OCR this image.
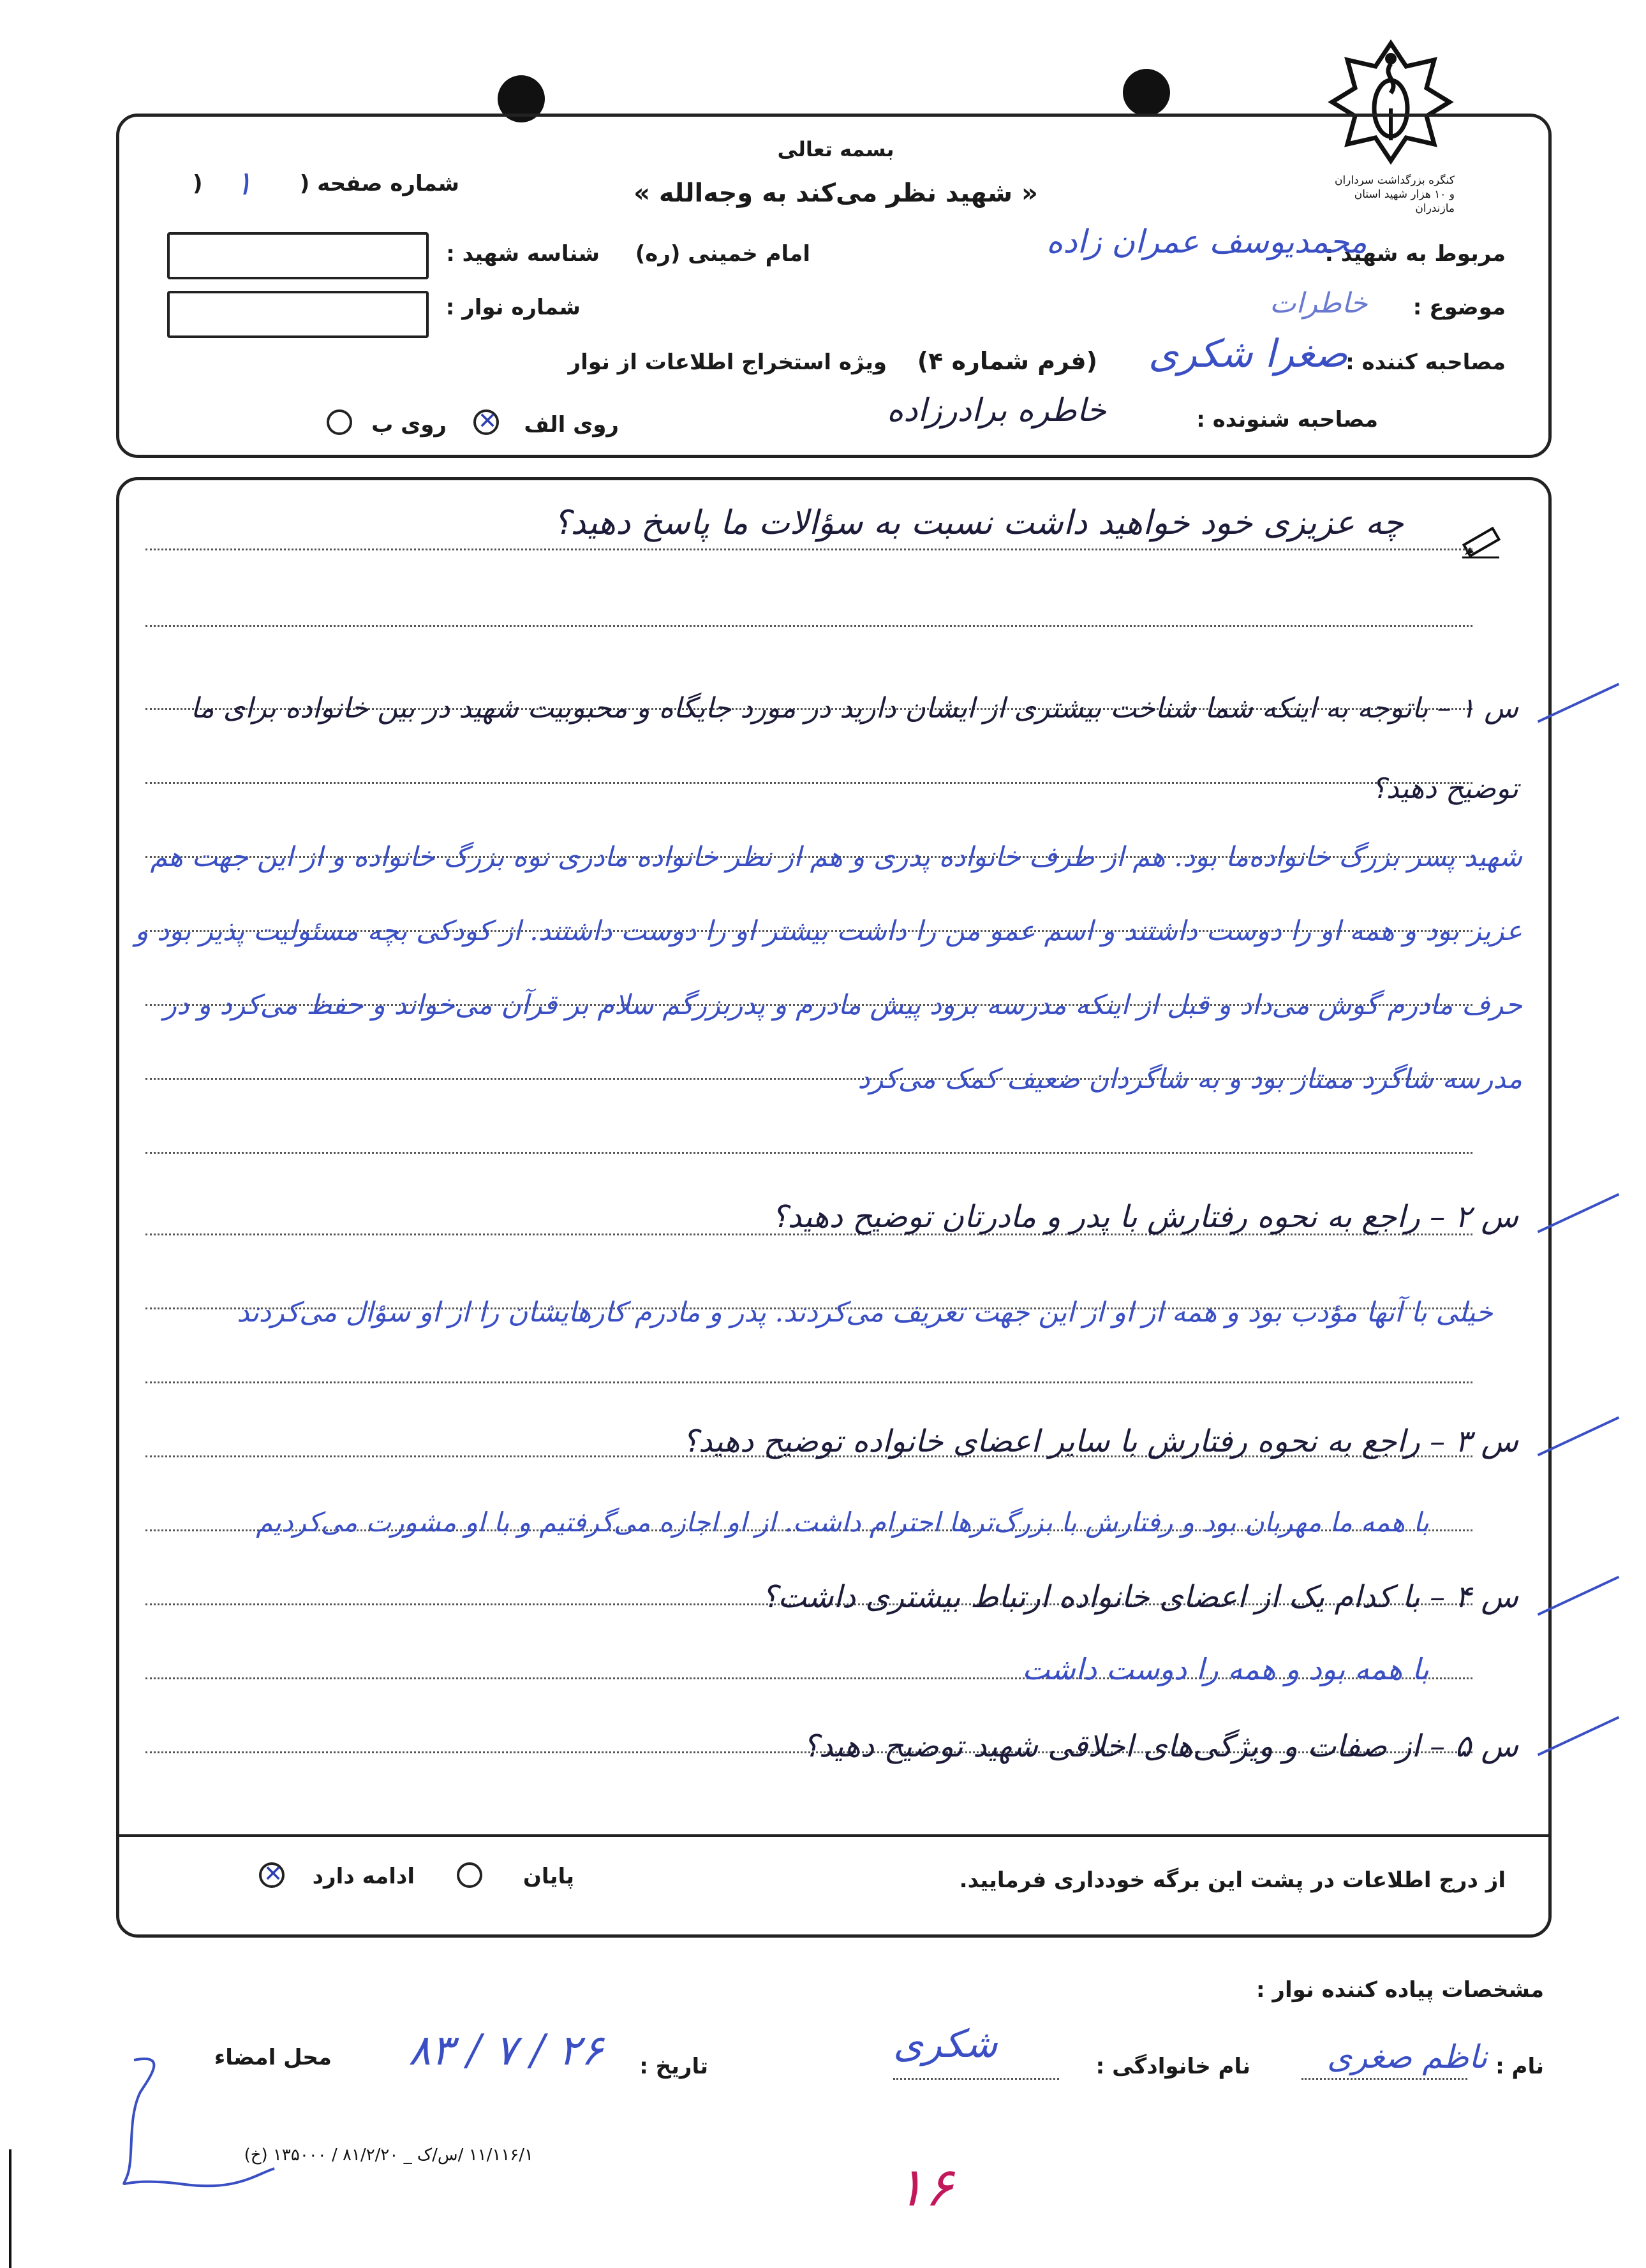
کنگره بزرگداشت سرداران و ۱۰ هزار شهید استان مازندران
بسمه تعالی
« شهید نظر می‌کند به وجه‌الله »
شماره صفحه (
۱
)
مربوط به شهید :
محمدیوسف عمران زاده
امام خمینی (ره)
شناسه شهید :
شماره نوار :	موضوع :
خاطرات
مصاحبه کننده :
صغرا شکری
(فرم شماره ۴)
ویژه استخراج اطلاعات از نوار
مصاحبه شنونده :
خاطره برادرزاده
روی الف
✕
روی ب
چه عزیزی خود خواهید داشت نسبت به سؤالات ما پاسخ دهید؟
س ۱ – باتوجه به اینکه شما شناخت بیشتری از ایشان دارید در مورد جایگاه و محبوبیت شهید در بین خانواده برای ما توضیح دهید؟
شهید پسر بزرگ خانواده‌ما بود. هم از طرف خانواده پدری و هم از نظر خانواده مادری نوه بزرگ خانواده و از این جهت هم عزیز بود و همه او را دوست داشتند و اسم عمو من را داشت بیشتر او را دوست داشتند. از کودکی بچه مسئولیت پذیر بود و حرف مادرم گوش می‌داد و قبل از اینکه مدرسه برود پیش مادرم و پدربزرگم سلام بر قرآن می‌خواند و حفظ می‌کرد و در مدرسه شاگرد ممتاز بود و به شاگردان ضعیف کمک می‌کرد
س ۲ – راجع به نحوه رفتارش با پدر و مادرتان توضیح دهید؟
خیلی با آنها مؤدب بود و همه از او از این جهت تعریف می‌کردند. پدر و مادرم کارهایشان را از او سؤال می‌کردند
س ۳ – راجع به نحوه رفتارش با سایر اعضای خانواده توضیح دهید؟
با همه ما مهربان بود و رفتارش با بزرگ‌ترها احترام داشت. از او اجازه می‌گرفتیم و با او مشورت می‌کردیم
س ۴ – با کدام یک از اعضای خانواده ارتباط بیشتری داشت؟
با همه بود و همه را دوست داشت
س ۵ – از صفات و ویژگی‌های اخلاقی شهید توضیح دهید؟
از درج اطلاعات در پشت این برگه خودداری فرمایید.
پایان
ادامه دارد
✕
مشخصات پیاده کننده نوار :
نام :
ناظم صغری
نام خانوادگی :
شکری
تاریخ :
۸۳ / ۷ / ۲۶
محل امضاء
۱۱/۱۱۶/۱ /س/ک _ ۸۱/۲/۲۰ / ۱۳۵۰۰۰ (خ)
۱۶
